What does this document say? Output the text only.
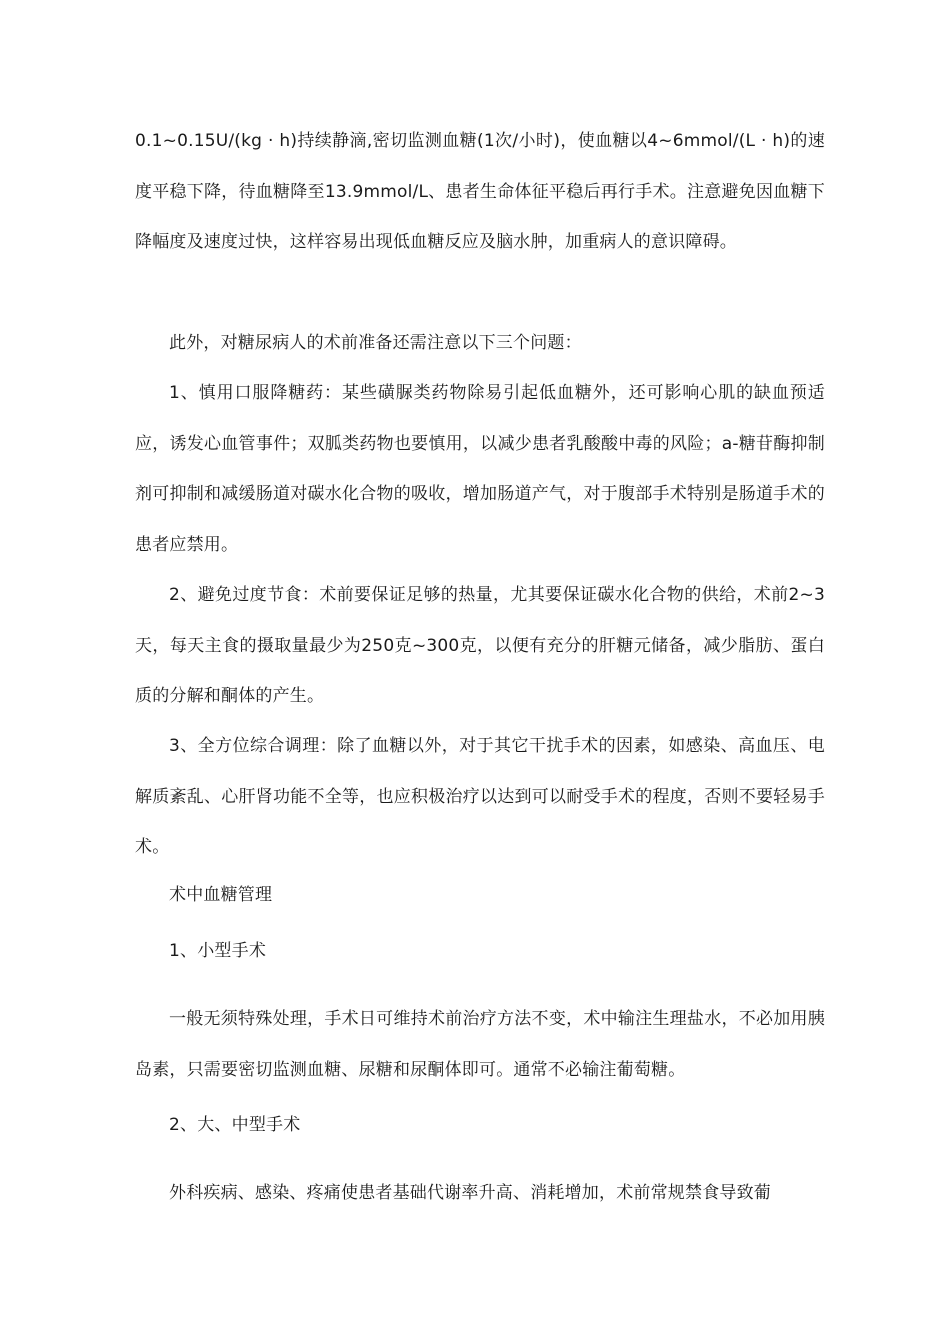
0.1~0.15U/(kg · h)持续静滴,密切监测血糖(1次/小时)，使血糖以4~6mmol/(L · h)的速度平稳下降，待血糖降至13.9mmol/L、患者生命体征平稳后再行手术。注意避免因血糖下降幅度及速度过快，这样容易出现低血糖反应及脑水肿，加重病人的意识障碍。

此外，对糖尿病人的术前准备还需注意以下三个问题：

1、慎用口服降糖药：某些磺脲类药物除易引起低血糖外，还可影响心肌的缺血预适应，诱发心血管事件；双胍类药物也要慎用，以减少患者乳酸酸中毒的风险；a-糖苷酶抑制剂可抑制和减缓肠道对碳水化合物的吸收，增加肠道产气，对于腹部手术特别是肠道手术的患者应禁用。

2、避免过度节食：术前要保证足够的热量，尤其要保证碳水化合物的供给，术前2~3天，每天主食的摄取量最少为250克~300克，以便有充分的肝糖元储备，减少脂肪、蛋白质的分解和酮体的产生。

3、全方位综合调理：除了血糖以外，对于其它干扰手术的因素，如感染、高血压、电解质紊乱、心肝肾功能不全等，也应积极治疗以达到可以耐受手术的程度，否则不要轻易手术。

术中血糖管理

1、小型手术

一般无须特殊处理，手术日可维持术前治疗方法不变，术中输注生理盐水，不必加用胰岛素，只需要密切监测血糖、尿糖和尿酮体即可。通常不必输注葡萄糖。

2、大、中型手术

外科疾病、感染、疼痛使患者基础代谢率升高、消耗增加，术前常规禁食导致葡
